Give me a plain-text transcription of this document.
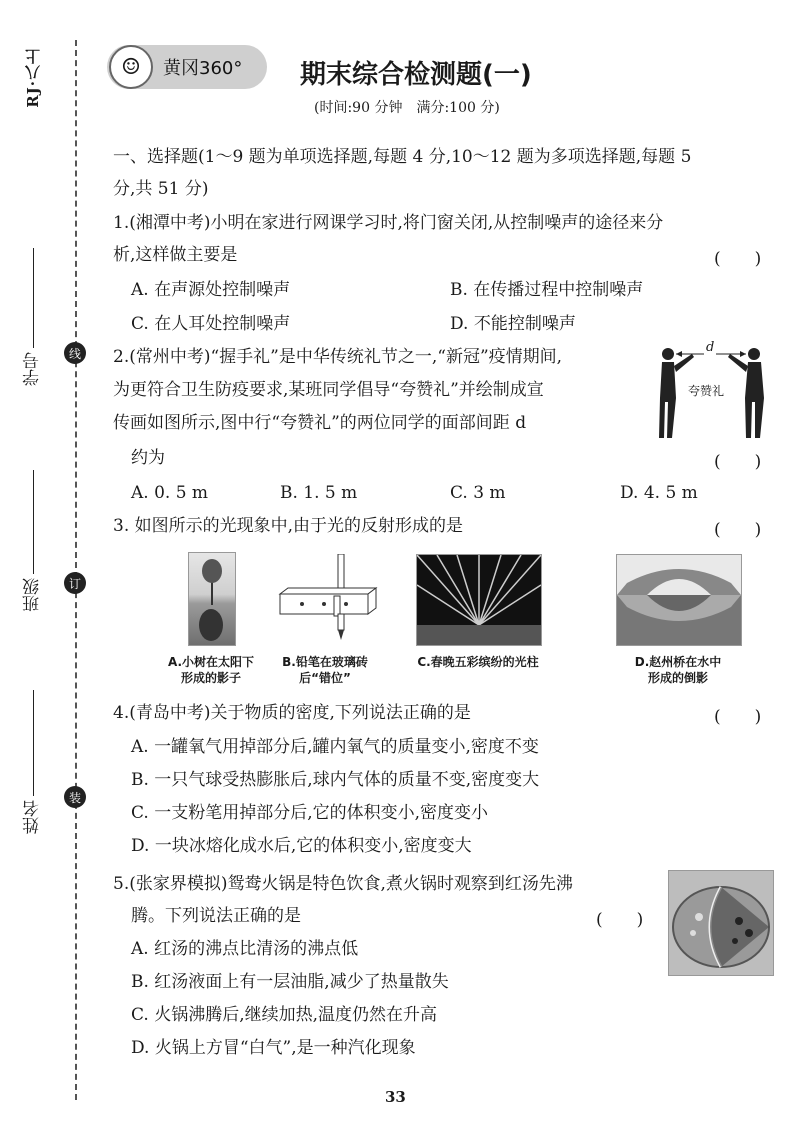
RJ·八上
学号
班级
姓名
线
订
装
☺	黄冈360° 期末综合检测题(一)
(时间:90 分钟　满分:100 分)
一、选择题(1～9 题为单项选择题,每题 4 分,10～12 题为多项选择题,每题 5
分,共 51 分)
1.(湘潭中考)小明在家进行网课学习时,将门窗关闭,从控制噪声的途径来分
析,这样做主要是	(　　)
A. 在声源处控制噪声	B. 在传播过程中控制噪声
C. 在人耳处控制噪声	D. 不能控制噪声
2.(常州中考)“握手礼”是中华传统礼节之一,“新冠”疫情期间,
为更符合卫生防疫要求,某班同学倡导“夸赞礼”并绘制成宣
传画如图所示,图中行“夸赞礼”的两位同学的面部间距 d
约为	(　　)
A. 0. 5 m	B. 1. 5 m	C. 3 m	D. 4. 5 m
d
夸赞礼
3. 如图所示的光现象中,由于光的反射形成的是	(　　)
A.小树在太阳下
形成的影子
B.铅笔在玻璃砖
后“错位”
C.春晚五彩缤纷的光柱	D.赵州桥在水中
形成的倒影
4.(青岛中考)关于物质的密度,下列说法正确的是	(　　)
A. 一罐氧气用掉部分后,罐内氧气的质量变小,密度不变
B. 一只气球受热膨胀后,球内气体的质量不变,密度变大
C. 一支粉笔用掉部分后,它的体积变小,密度变小
D. 一块冰熔化成水后,它的体积变小,密度变大
5.(张家界模拟)鸳鸯火锅是特色饮食,煮火锅时观察到红汤先沸
腾。下列说法正确的是	(　　)
A. 红汤的沸点比清汤的沸点低
B. 红汤液面上有一层油脂,减少了热量散失
C. 火锅沸腾后,继续加热,温度仍然在升高
D. 火锅上方冒“白气”,是一种汽化现象
33
